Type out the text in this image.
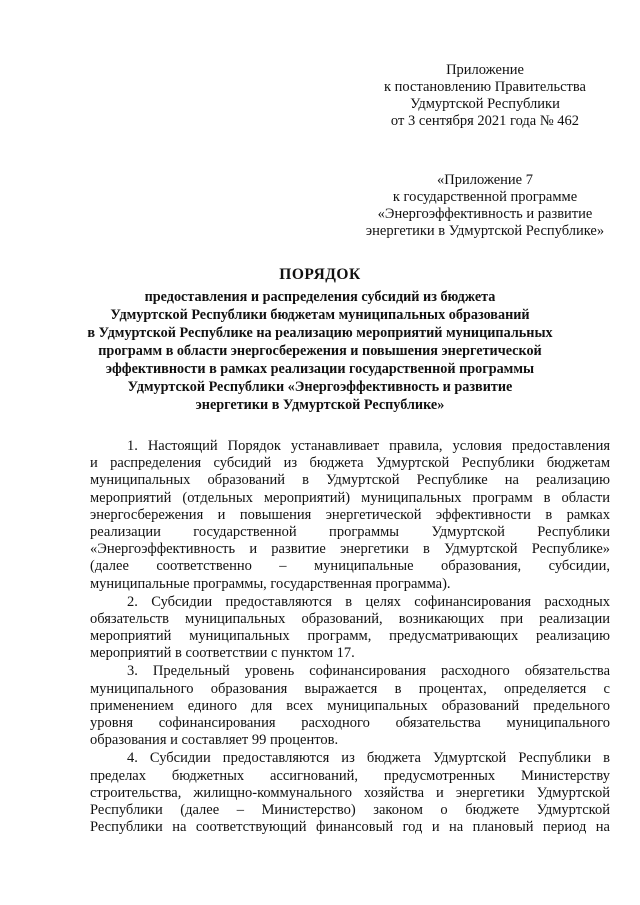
Приложение
к постановлению Правительства
Удмуртской Республики
от 3 сентября 2021 года № 462
«Приложение 7
к государственной программе
«Энергоэффективность и развитие
энергетики в Удмуртской Республике»
ПОРЯДОК
предоставления и распределения субсидий из бюджета
Удмуртской Республики бюджетам муниципальных образований
в Удмуртской Республике на реализацию мероприятий муниципальных
программ в области энергосбережения и повышения энергетической
эффективности в рамках реализации государственной программы
Удмуртской Республики «Энергоэффективность и развитие
энергетики в Удмуртской Республике»
1. Настоящий Порядок устанавливает правила, условия предоставления
и распределения субсидий из бюджета Удмуртской Республики бюджетам
муниципальных образований в Удмуртской Республике на реализацию
мероприятий (отдельных мероприятий) муниципальных программ в области
энергосбережения и повышения энергетической эффективности в рамках
реализации государственной программы Удмуртской Республики
«Энергоэффективность и развитие энергетики в Удмуртской Республике»
(далее соответственно – муниципальные образования, субсидии,
муниципальные программы, государственная программа).
2. Субсидии предоставляются в целях софинансирования расходных
обязательств муниципальных образований, возникающих при реализации
мероприятий муниципальных программ, предусматривающих реализацию
мероприятий в соответствии с пунктом 17.
3. Предельный уровень софинансирования расходного обязательства
муниципального образования выражается в процентах, определяется с
применением единого для всех муниципальных образований предельного
уровня софинансирования расходного обязательства муниципального
образования и составляет 99 процентов.
4. Субсидии предоставляются из бюджета Удмуртской Республики в
пределах бюджетных ассигнований, предусмотренных Министерству
строительства, жилищно-коммунального хозяйства и энергетики Удмуртской
Республики (далее – Министерство) законом о бюджете Удмуртской
Республики на соответствующий финансовый год и на плановый период на
